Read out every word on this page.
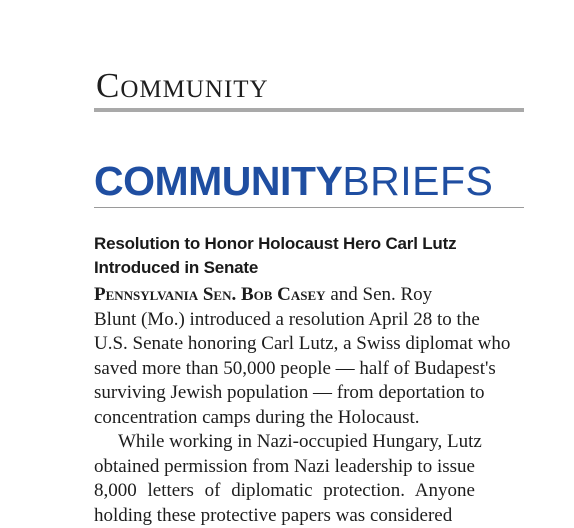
Community
COMMUNITYBRIEFS
Resolution to Honor Holocaust Hero Carl Lutz
Introduced in Senate
Pennsylvania Sen. Bob Casey and Sen. Roy
Blunt (Mo.) introduced a resolution April 28 to the
U.S. Senate honoring Carl Lutz, a Swiss diplomat who
saved more than 50,000 people — half of Budapest's
surviving Jewish population — from deportation to
concentration camps during the Holocaust.
While working in Nazi-occupied Hungary, Lutz
obtained permission from Nazi leadership to issue
8,000 letters of diplomatic protection. Anyone
holding these protective papers was considered
